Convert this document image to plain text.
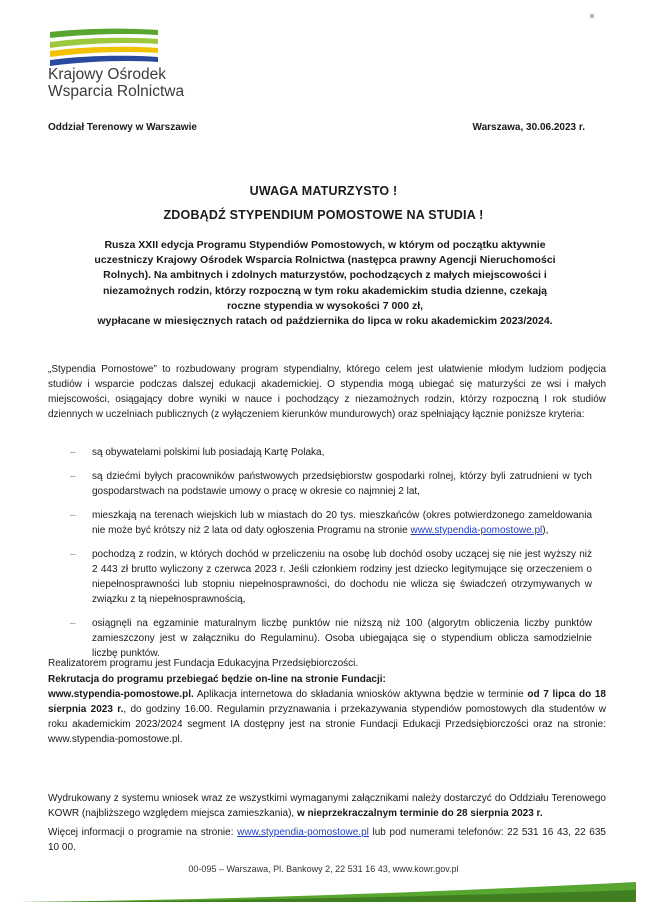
Krajowy Ośrodek
Wsparcia Rolnictwa
Oddział Terenowy w Warszawie	Warszawa, 30.06.2023 r.
UWAGA MATURZYSTO !
ZDOBĄDŹ STYPENDIUM POMOSTOWE NA STUDIA !
Rusza XXII edycja Programu Stypendiów Pomostowych, w którym od początku aktywnie uczestniczy Krajowy Ośrodek Wsparcia Rolnictwa (następca prawny Agencji Nieruchomości Rolnych). Na ambitnych i zdolnych maturzystów, pochodzących z małych miejscowości i niezamożnych rodzin, którzy rozpoczną w tym roku akademickim studia dzienne, czekają roczne stypendia w wysokości 7 000 zł,
wypłacane w miesięcznych ratach od października do lipca w roku akademickim 2023/2024.
„Stypendia Pomostowe” to rozbudowany program stypendialny, którego celem jest ułatwienie młodym ludziom podjęcia studiów i wsparcie podczas dalszej edukacji akademickiej. O stypendia mogą ubiegać się maturzyści ze wsi i małych miejscowości, osiągający dobre wyniki w nauce i pochodzący z niezamożnych rodzin, którzy rozpoczną I rok studiów dziennych w uczelniach publicznych (z wyłączeniem kierunków mundurowych) oraz spełniający łącznie poniższe kryteria:
– są obywatelami polskimi lub posiadają Kartę Polaka,
– są dziećmi byłych pracowników państwowych przedsiębiorstw gospodarki rolnej, którzy byli zatrudnieni w tych gospodarstwach na podstawie umowy o pracę w okresie co najmniej 2 lat,
– mieszkają na terenach wiejskich lub w miastach do 20 tys. mieszkańców (okres potwierdzonego zameldowania nie może być krótszy niż 2 lata od daty ogłoszenia Programu na stronie www.stypendia-pomostowe.pl),
– pochodzą z rodzin, w których dochód w przeliczeniu na osobę lub dochód osoby uczącej się nie jest wyższy niż 2 443 zł brutto wyliczony z czerwca 2023 r. Jeśli członkiem rodziny jest dziecko legitymujące się orzeczeniem o niepełnosprawności lub stopniu niepełnosprawności, do dochodu nie wlicza się świadczeń otrzymywanych w związku z tą niepełnosprawnością,
– osiągnęli na egzaminie maturalnym liczbę punktów nie niższą niż 100 (algorytm obliczenia liczby punktów zamieszczony jest w załączniku do Regulaminu). Osoba ubiegająca się o stypendium oblicza samodzielnie liczbę punktów.
Realizatorem programu jest Fundacja Edukacyjna Przedsiębiorczości.
Rekrutacja do programu przebiegać będzie on-line na stronie Fundacji:
www.stypendia-pomostowe.pl. Aplikacja internetowa do składania wniosków aktywna będzie w terminie od 7 lipca do 18 sierpnia 2023 r., do godziny 16.00. Regulamin przyznawania i przekazywania stypendiów pomostowych dla studentów w roku akademickim 2023/2024 segment IA dostępny jest na stronie Fundacji Edukacji Przedsiębiorczości oraz na stronie: www.stypendia-pomostowe.pl.
Wydrukowany z systemu wniosek wraz ze wszystkimi wymaganymi załącznikami należy dostarczyć do Oddziału Terenowego KOWR (najbliższego względem miejsca zamieszkania), w nieprzekraczalnym terminie do 28 sierpnia 2023 r.
Więcej informacji o programie na stronie: www.stypendia-pomostowe.pl lub pod numerami telefonów: 22 531 16 43, 22 635 10 00.
00-095 – Warszawa, Pl. Bankowy 2, 22 531 16 43, www.kowr.gov.pl
